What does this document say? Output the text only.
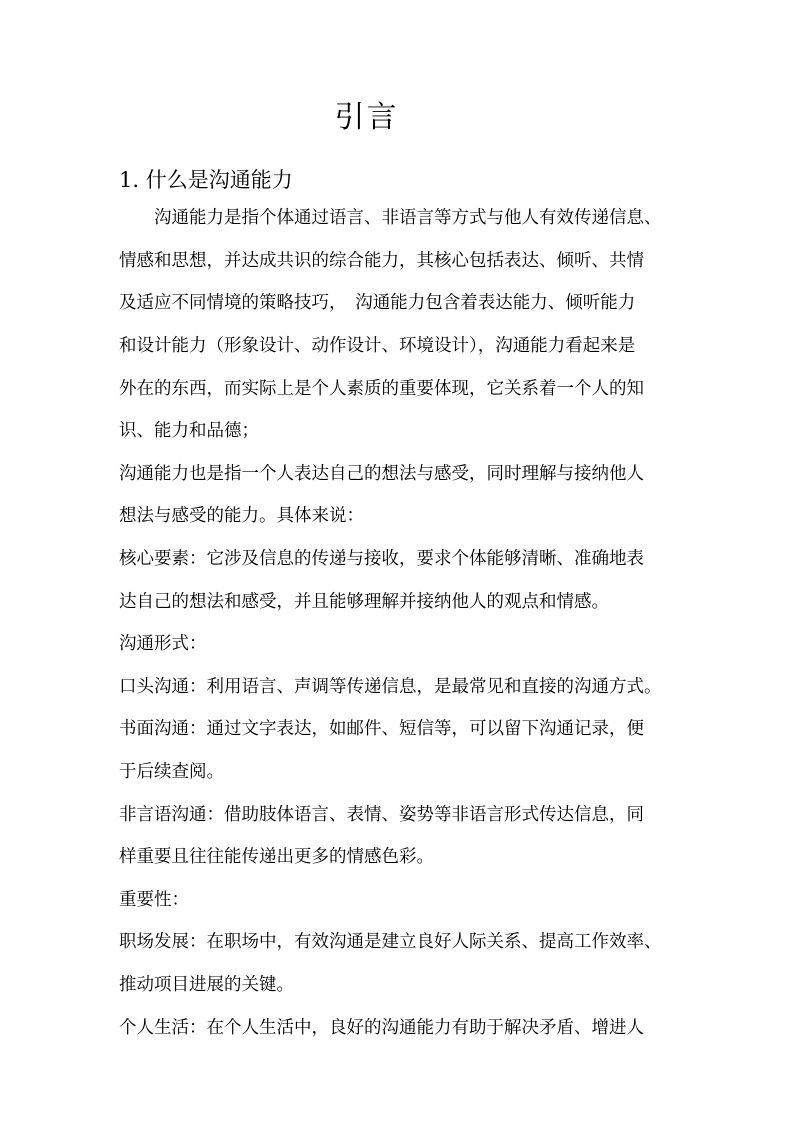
引言
1. 什么是沟通能力

沟通能力是指个体通过语言、非语言等方式与他人有效传递信息、

情感和思想，并达成共识的综合能力，其核心包括表达、倾听、共情

及适应不同情境的策略技巧，　沟通能力包含着表达能力、倾听能力

和设计能力（形象设计、动作设计、环境设计），沟通能力看起来是

外在的东西，而实际上是个人素质的重要体现，它关系着一个人的知

识、能力和品德；

沟通能力也是指一个人表达自己的想法与感受，同时理解与接纳他人

想法与感受的能力。具体来说：

核心要素：它涉及信息的传递与接收，要求个体能够清晰、准确地表

达自己的想法和感受，并且能够理解并接纳他人的观点和情感。

沟通形式：

口头沟通：利用语言、声调等传递信息，是最常见和直接的沟通方式。

书面沟通：通过文字表达，如邮件、短信等，可以留下沟通记录，便

于后续查阅。

非言语沟通：借助肢体语言、表情、姿势等非语言形式传达信息，同

样重要且往往能传递出更多的情感色彩。

重要性：

职场发展：在职场中，有效沟通是建立良好人际关系、提高工作效率、

推动项目进展的关键。

个人生活：在个人生活中，良好的沟通能力有助于解决矛盾、增进人
